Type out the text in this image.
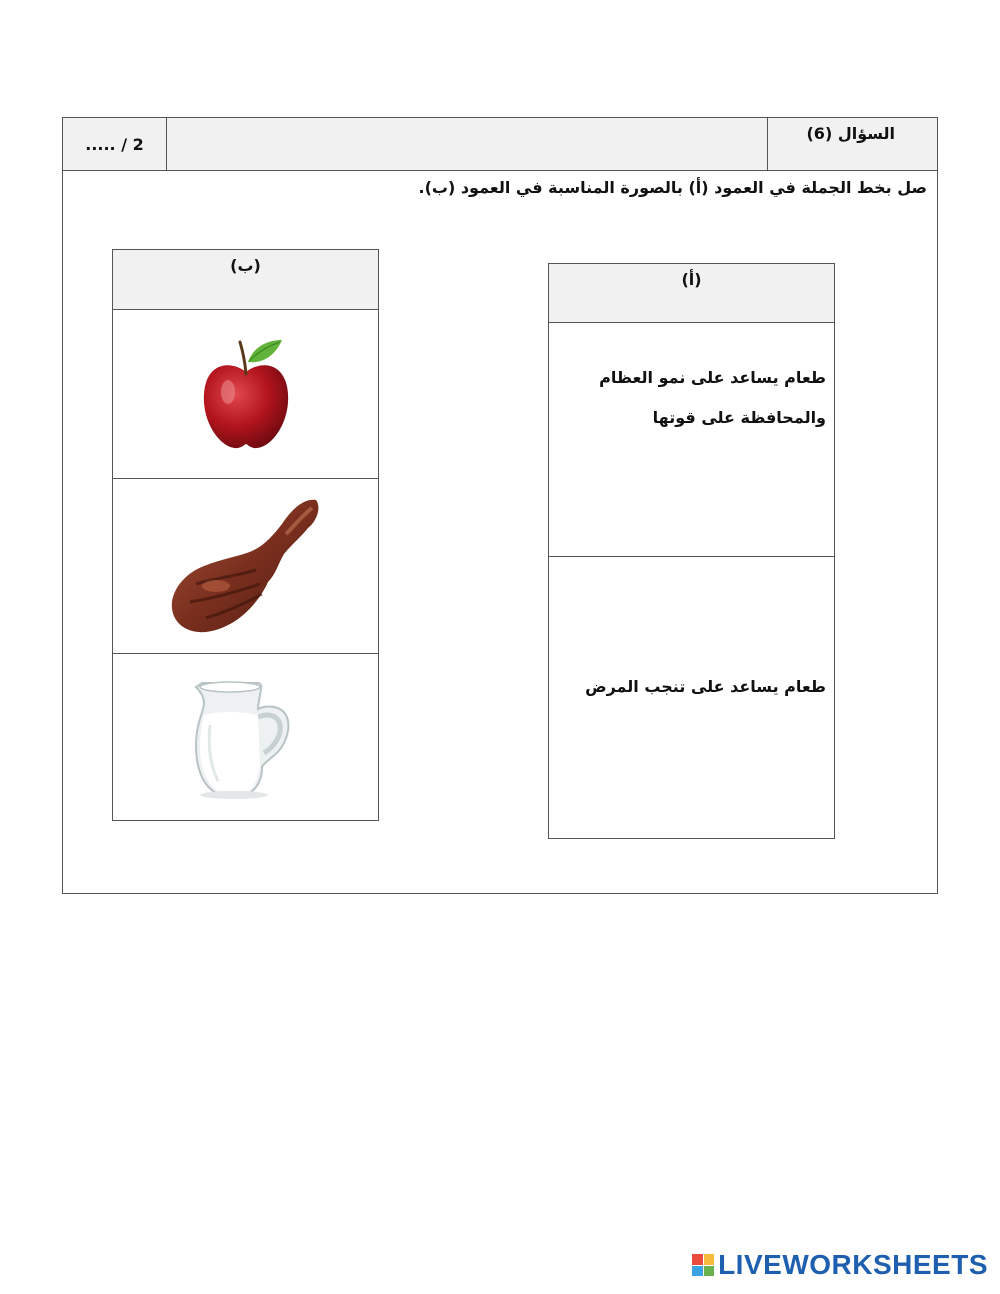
..... / 2
السؤال (6)
صل بخط الجملة في العمود (أ) بالصورة المناسبة في العمود (ب).
(ب)
(أ)
طعام يساعد على نمو العظام
والمحافظة على قوتها
طعام يساعد على تنجب المرض
LIVEWORKSHEETS
